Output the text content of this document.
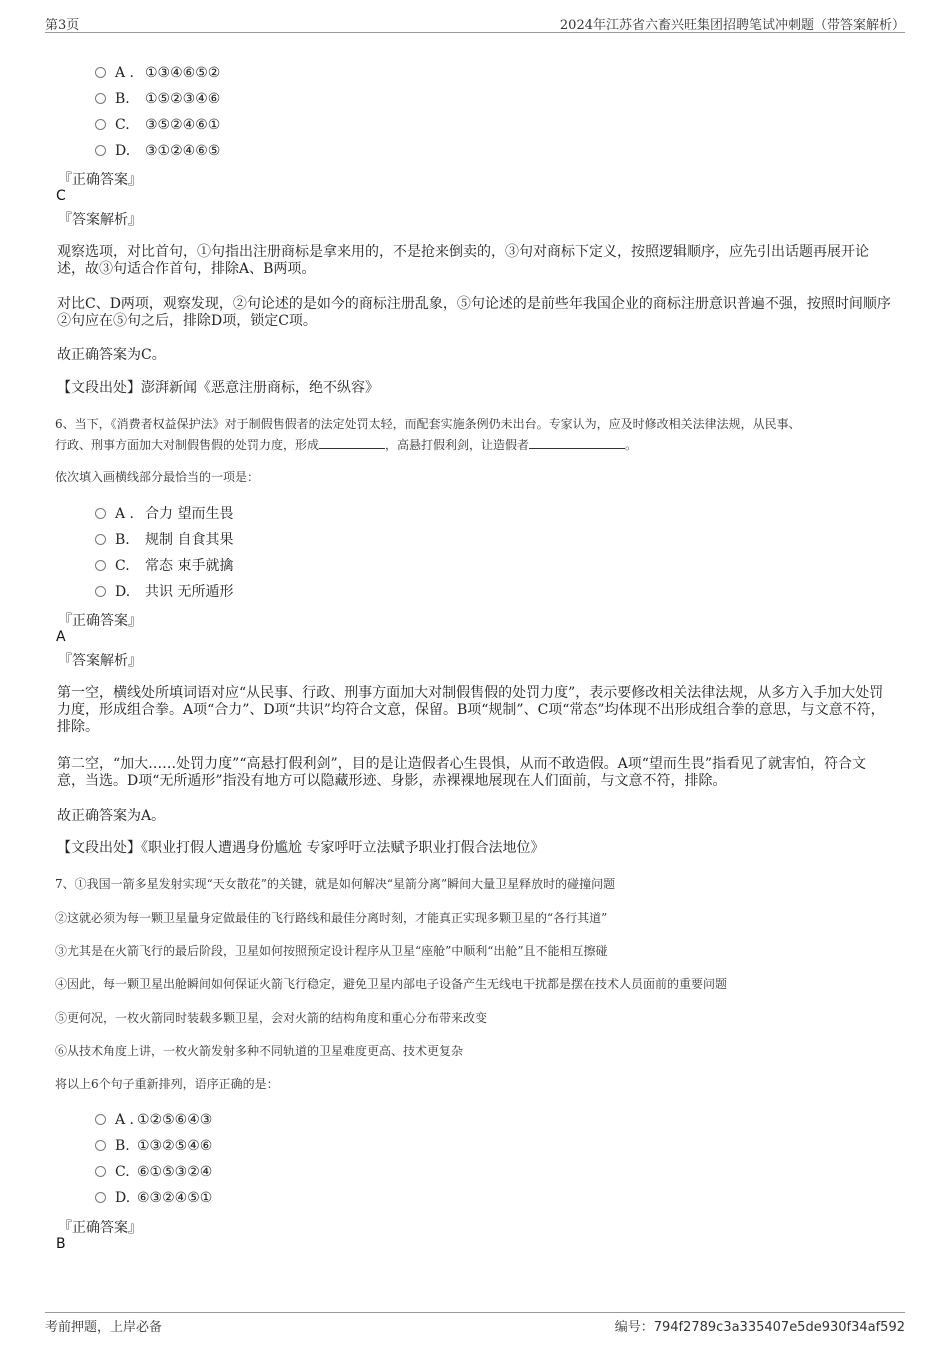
第3页	2024年江苏省六畜兴旺集团招聘笔试冲刺题（带答案解析）
A . ①③④⑥⑤②
B. ①⑤②③④⑥
C. ③⑤②④⑥①
D. ③①②④⑥⑤
『正确答案』
C
『答案解析』
观察选项，对比首句，①句指出注册商标是拿来用的，不是抢来倒卖的，③句对商标下定义，按照逻辑顺序，应先引出话题再展开论述，故③句适合作首句，排除A、B两项。
对比C、D两项，观察发现，②句论述的是如今的商标注册乱象，⑤句论述的是前些年我国企业的商标注册意识普遍不强，按照时间顺序②句应在⑤句之后，排除D项，锁定C项。
故正确答案为C。
【文段出处】澎湃新闻《恶意注册商标，绝不纵容》
6、当下，《消费者权益保护法》对于制假售假者的法定处罚太轻，而配套实施条例仍未出台。专家认为，应及时修改相关法律法规，从民事、
行政、刑事方面加大对制假售假的处罚力度，形成	，高悬打假利剑，让造假者	。
依次填入画横线部分最恰当的一项是：
A . 合力 望而生畏
B. 规制 自食其果
C. 常态 束手就擒
D. 共识 无所遁形
『正确答案』
A
『答案解析』
第一空，横线处所填词语对应“从民事、行政、刑事方面加大对制假售假的处罚力度”，表示要修改相关法律法规，从多方入手加大处罚力度，形成组合拳。A项“合力”、D项“共识”均符合文意，保留。B项“规制”、C项“常态”均体现不出形成组合拳的意思，与文意不符，排除。
第二空，“加大……处罚力度”“高悬打假利剑”，目的是让造假者心生畏惧，从而不敢造假。A项“望而生畏”指看见了就害怕，符合文意，当选。D项“无所遁形”指没有地方可以隐藏形迹、身影，赤裸裸地展现在人们面前，与文意不符，排除。
故正确答案为A。
【文段出处】《职业打假人遭遇身份尴尬 专家呼吁立法赋予职业打假合法地位》
7、①我国一箭多星发射实现“天女散花”的关键，就是如何解决“星箭分离”瞬间大量卫星释放时的碰撞问题
②这就必须为每一颗卫星量身定做最佳的飞行路线和最佳分离时刻，才能真正实现多颗卫星的“各行其道”
③尤其是在火箭飞行的最后阶段，卫星如何按照预定设计程序从卫星“座舱”中顺利“出舱”且不能相互擦碰
④因此，每一颗卫星出舱瞬间如何保证火箭飞行稳定，避免卫星内部电子设备产生无线电干扰都是摆在技术人员面前的重要问题
⑤更何况，一枚火箭同时装载多颗卫星，会对火箭的结构角度和重心分布带来改变
⑥从技术角度上讲，一枚火箭发射多种不同轨道的卫星难度更高、技术更复杂
将以上6个句子重新排列，语序正确的是：
A . ①②⑤⑥④③
B. ①③②⑤④⑥
C. ⑥①⑤③②④
D. ⑥③②④⑤①
『正确答案』
B
考前押题，上岸必备	编号：794f2789c3a335407e5de930f34af592
